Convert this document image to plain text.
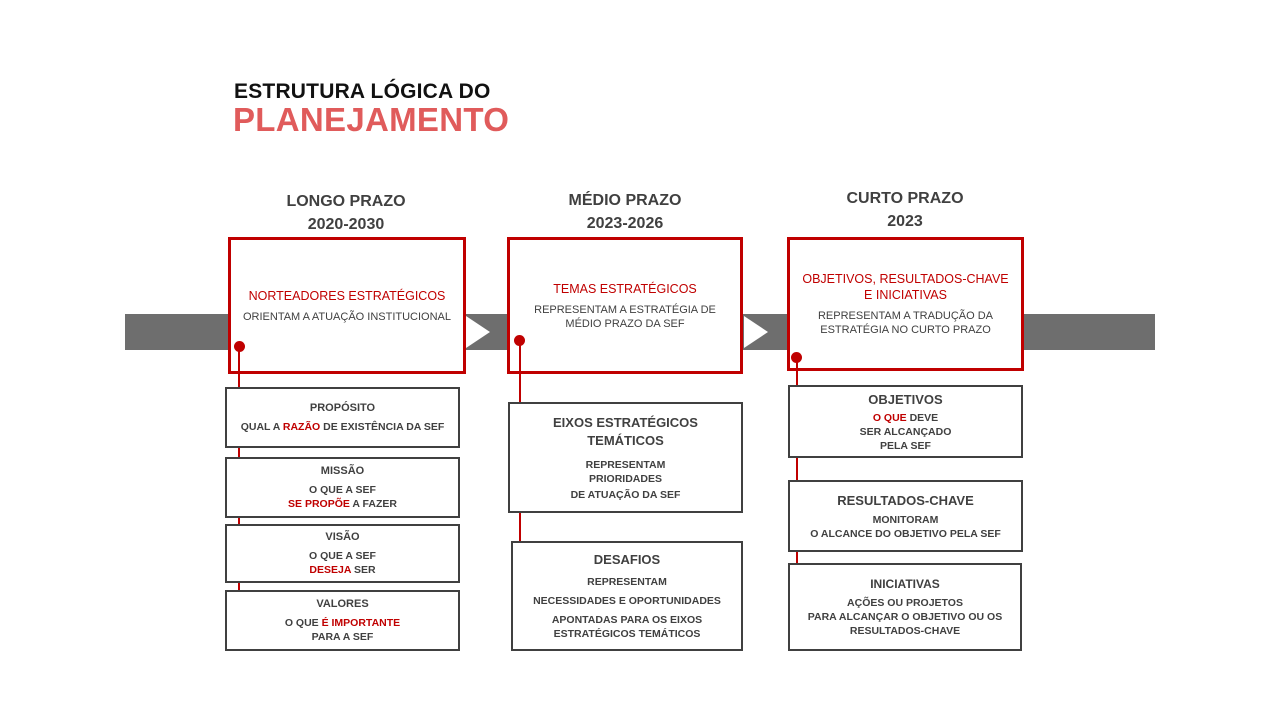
ESTRUTURA LÓGICA DO
PLANEJAMENTO
LONGO PRAZO
2020-2030
MÉDIO PRAZO
2023-2026
CURTO PRAZO
2023
NORTEADORES ESTRATÉGICOS
ORIENTAM A ATUAÇÃO INSTITUCIONAL
TEMAS ESTRATÉGICOS
REPRESENTAM A ESTRATÉGIA DE MÉDIO PRAZO DA SEF
OBJETIVOS, RESULTADOS-CHAVE E INICIATIVAS
REPRESENTAM A TRADUÇÃO DA ESTRATÉGIA NO CURTO PRAZO
PROPÓSITO
QUAL A RAZÃO DE EXISTÊNCIA DA SEF
MISSÃO
O QUE A SEF
SE PROPÕE A FAZER
VISÃO
O QUE A SEF
DESEJA SER
VALORES
O QUE É IMPORTANTE
PARA A SEF
EIXOS ESTRATÉGICOS TEMÁTICOS
REPRESENTAM
PRIORIDADES
DE ATUAÇÃO DA SEF
DESAFIOS
REPRESENTAM
NECESSIDADES E OPORTUNIDADES
APONTADAS PARA OS EIXOS ESTRATÉGICOS TEMÁTICOS
OBJETIVOS
O QUE DEVE
SER ALCANÇADO
PELA SEF
RESULTADOS-CHAVE
MONITORAM
O ALCANCE DO OBJETIVO PELA SEF
INICIATIVAS
AÇÕES OU PROJETOS
PARA ALCANÇAR O OBJETIVO OU OS RESULTADOS-CHAVE
